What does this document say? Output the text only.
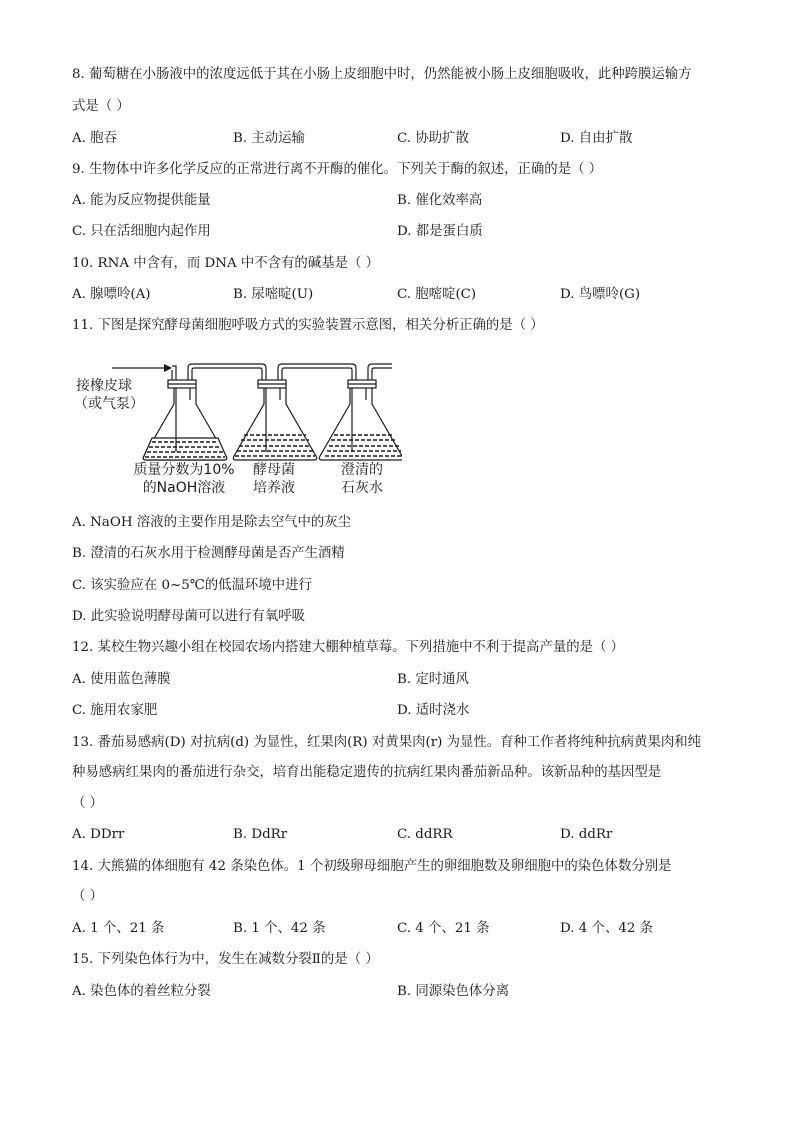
8. 葡萄糖在小肠液中的浓度远低于其在小肠上皮细胞中时，仍然能被小肠上皮细胞吸收，此种跨膜运输方
式是（ ）
A. 胞吞	B. 主动运输	C. 协助扩散	D. 自由扩散
9. 生物体中许多化学反应的正常进行离不开酶的催化。下列关于酶的叙述，正确的是（ ）
A. 能为反应物提供能量	B. 催化效率高
C. 只在活细胞内起作用	D. 都是蛋白质
10. RNA 中含有，而 DNA 中不含有的碱基是（ ）
A. 腺嘌呤(A)	B. 尿嘧啶(U)	C. 胞嘧啶(C)	D. 鸟嘌呤(G)
11. 下图是探究酵母菌细胞呼吸方式的实验装置示意图，相关分析正确的是（ ）
接橡皮球
（或气泵）
质量分数为10%
的NaOH溶液
酵母菌
培养液
澄清的
石灰水
A. NaOH 溶液的主要作用是除去空气中的灰尘
B. 澄清的石灰水用于检测酵母菌是否产生酒精
C. 该实验应在 0~5℃的低温环境中进行
D. 此实验说明酵母菌可以进行有氧呼吸
12. 某校生物兴趣小组在校园农场内搭建大棚种植草莓。下列措施中不利于提高产量的是（ ）
A. 使用蓝色薄膜	B. 定时通风
C. 施用农家肥	D. 适时浇水
13. 番茄易感病(D) 对抗病(d) 为显性，红果肉(R) 对黄果肉(r) 为显性。育种工作者将纯种抗病黄果肉和纯
种易感病红果肉的番茄进行杂交，培育出能稳定遗传的抗病红果肉番茄新品种。该新品种的基因型是
（ ）
A. DDrr	B. DdRr	C. ddRR	D. ddRr
14. 大熊猫的体细胞有 42 条染色体。1 个初级卵母细胞产生的卵细胞数及卵细胞中的染色体数分别是
（ ）
A. 1 个、21 条	B. 1 个、42 条	C. 4 个、21 条	D. 4 个、42 条
15. 下列染色体行为中，发生在减数分裂Ⅱ的是（ ）
A. 染色体的着丝粒分裂	B. 同源染色体分离
